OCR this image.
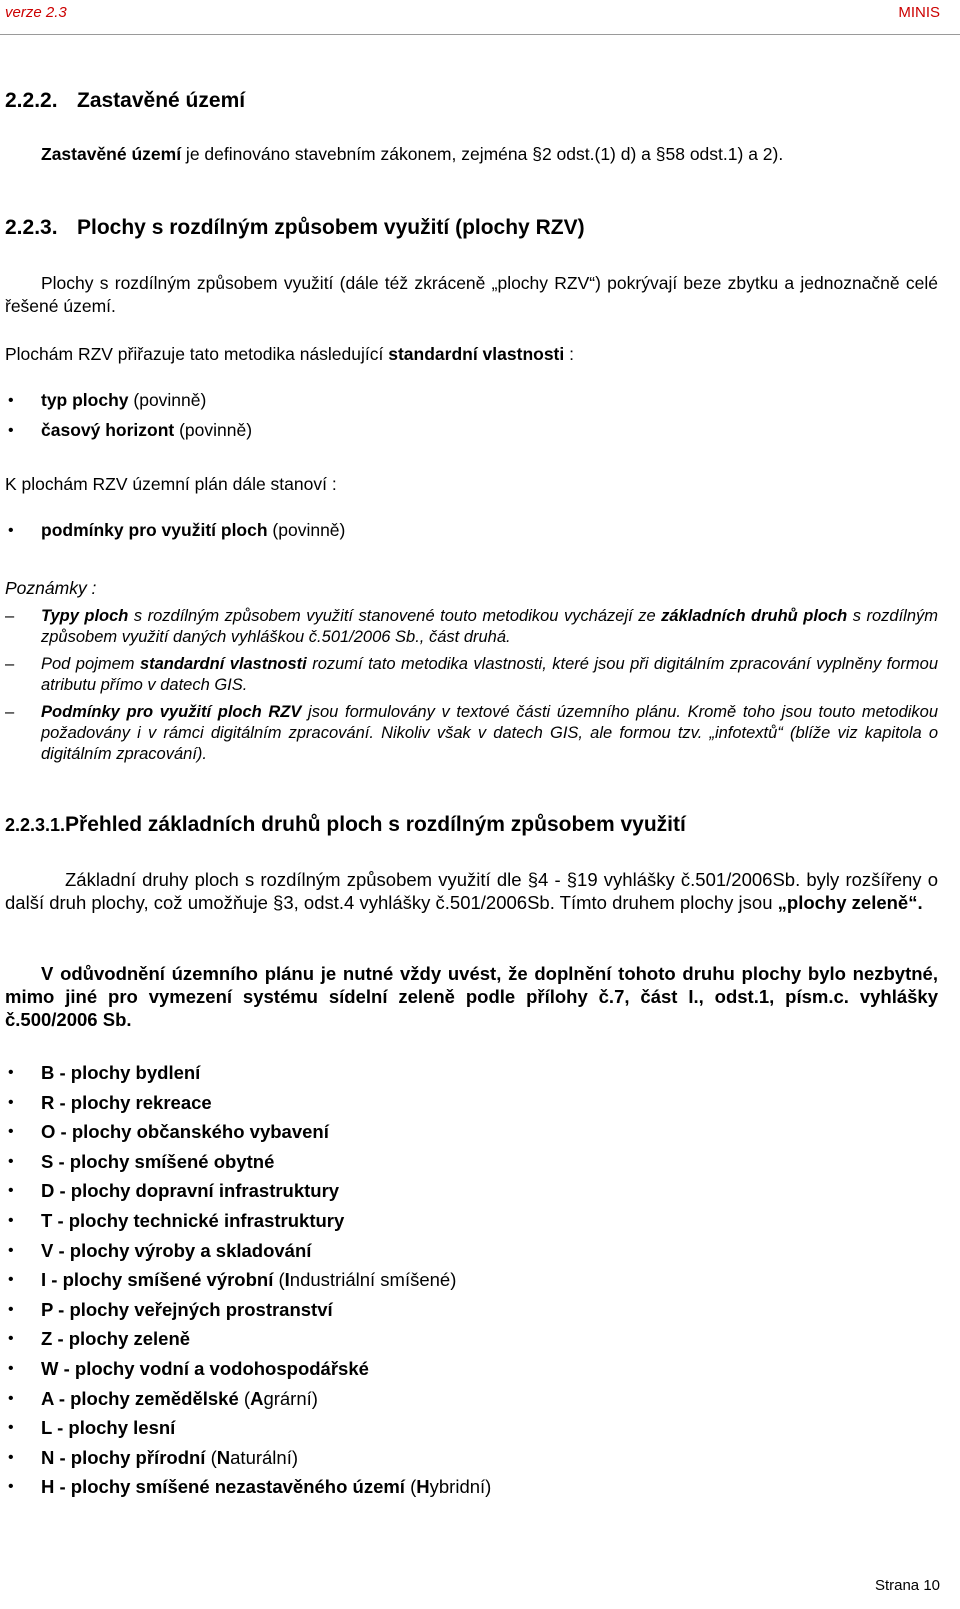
verze 2.3	MINIS
2.2.2. Zastavěné území
Zastavěné území je definováno stavebním zákonem, zejména §2 odst.(1) d) a §58 odst.1) a 2).
2.2.3. Plochy s rozdílným způsobem využití (plochy RZV)
Plochy s rozdílným způsobem využití (dále též zkráceně „plochy RZV“) pokrývají beze zbytku a jednoznačně celé řešené území.
Plochám RZV přiřazuje tato metodika následující standardní vlastnosti :
• typ plochy (povinně)
• časový horizont (povinně)
K plochám RZV územní plán dále stanoví :
• podmínky pro využití ploch (povinně)
Poznámky :
– Typy ploch s rozdílným způsobem využití stanovené touto metodikou vycházejí ze základních druhů ploch s rozdílným způsobem využití daných vyhláškou č.501/2006 Sb., část druhá.
– Pod pojmem standardní vlastnosti rozumí tato metodika vlastnosti, které jsou při digitálním zpracování vyplněny formou atributu přímo v datech GIS.
– Podmínky pro využití ploch RZV jsou formulovány v textové části územního plánu. Kromě toho jsou touto metodikou požadovány i v rámci digitálním zpracování. Nikoliv však v datech GIS, ale formou tzv. „infotextů“ (blíže viz kapitola o digitálním zpracování).
2.2.3.1.Přehled základních druhů ploch s rozdílným způsobem využití
Základní druhy ploch s rozdílným způsobem využití dle §4 - §19 vyhlášky č.501/2006Sb. byly rozšířeny o další druh plochy, což umožňuje §3, odst.4 vyhlášky č.501/2006Sb. Tímto druhem plochy jsou „plochy zeleně“.
V odůvodnění územního plánu je nutné vždy uvést, že doplnění tohoto druhu plochy bylo nezbytné, mimo jiné pro vymezení systému sídelní zeleně podle přílohy č.7, část I., odst.1, písm.c. vyhlášky č.500/2006 Sb.
• B - plochy bydlení
• R - plochy rekreace
• O - plochy občanského vybavení
• S - plochy smíšené obytné
• D - plochy dopravní infrastruktury
• T - plochy technické infrastruktury
• V - plochy výroby a skladování
• I - plochy smíšené výrobní (Industriální smíšené)
• P - plochy veřejných prostranství
• Z - plochy zeleně
• W - plochy vodní a vodohospodářské
• A - plochy zemědělské (Agrární)
• L - plochy lesní
• N - plochy přírodní (Naturální)
• H - plochy smíšené nezastavěného území (Hybridní)
Strana 10
